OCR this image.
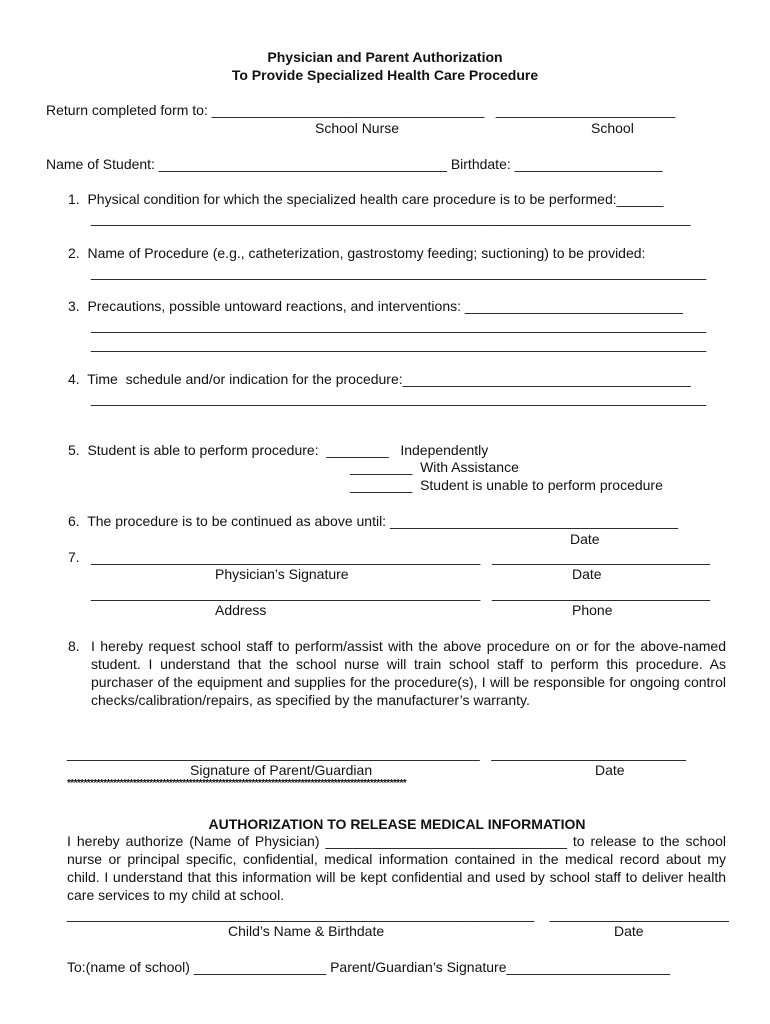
Physician and Parent Authorization
To Provide Specialized Health Care Procedure
Return completed form to: ___________________________________   _______________________
School Nurse	School
Name of Student: _____________________________________ Birthdate: ___________________
1.  Physical condition for which the specialized health care procedure is to be performed:______
_____________________________________________________________________________
2.  Name of Procedure (e.g., catheterization, gastrostomy feeding; suctioning) to be provided:
_______________________________________________________________________________
3.  Precautions, possible untoward reactions, and interventions: ____________________________
_______________________________________________________________________________
_______________________________________________________________________________
4.  Time  schedule and/or indication for the procedure:_____________________________________
_______________________________________________________________________________
5.  Student is able to perform procedure:  ________   Independently
________  With Assistance
________  Student is unable to perform procedure
6.  The procedure is to be continued as above until: _____________________________________
Date
7. __________________________________________________   ____________________________
Physician’s Signature	Date
__________________________________________________   ____________________________
Address	Phone
8. I hereby request school staff to perform/assist with the above procedure on or for the above-named student. I understand that the school nurse will train school staff to perform this procedure. As purchaser of the equipment and supplies for the procedure(s), I will be responsible for ongoing control checks/calibration/repairs, as specified by the manufacturer’s warranty.
_____________________________________________________   _________________________
Signature of Parent/Guardian	Date
*******************************************************************************************************
AUTHORIZATION TO RELEASE MEDICAL INFORMATION
I hereby authorize (Name of Physician) _______________________________ to release to the school nurse or principal specific, confidential, medical information contained in the medical record about my child. I understand that this information will be kept confidential and used by school staff to deliver health care services to my child at school.
____________________________________________________________    _______________________
Child’s Name & Birthdate	Date
To:(name of school) _________________ Parent/Guardian’s Signature_____________________
